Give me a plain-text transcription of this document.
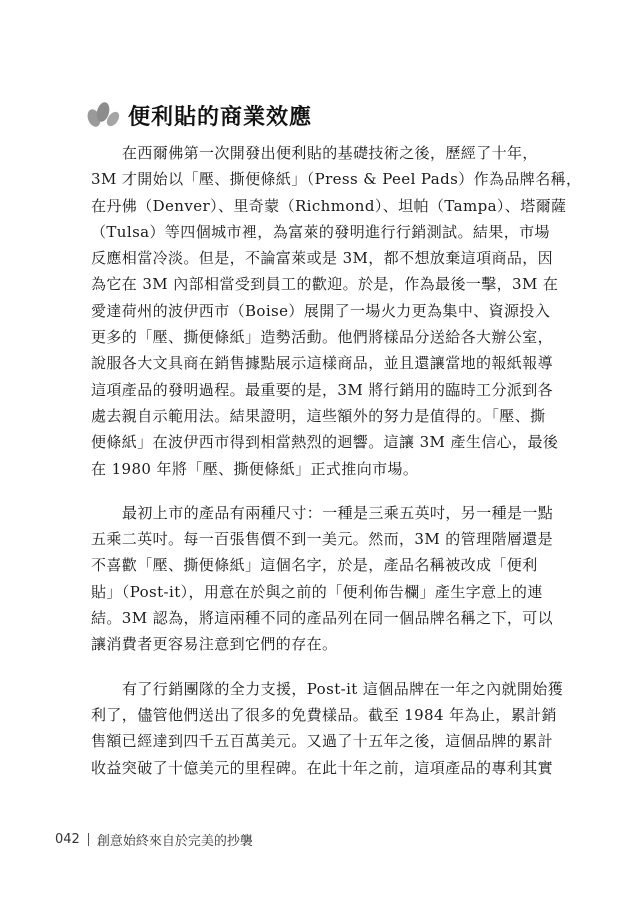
便利貼的商業效應

在西爾佛第一次開發出便利貼的基礎技術之後，歷經了十年，
3M 才開始以「壓、撕便條紙」（Press & Peel Pads）作為品牌名稱，
在丹佛（Denver）、里奇蒙（Richmond）、坦帕（Tampa）、塔爾薩
（Tulsa）等四個城市裡，為富萊的發明進行行銷測試。結果，市場
反應相當冷淡。但是，不論富萊或是 3M，都不想放棄這項商品，因
為它在 3M 內部相當受到員工的歡迎。於是，作為最後一擊，3M 在
愛達荷州的波伊西市（Boise）展開了一場火力更為集中、資源投入
更多的「壓、撕便條紙」造勢活動。他們將樣品分送給各大辦公室，
說服各大文具商在銷售據點展示這樣商品，並且還讓當地的報紙報導
這項產品的發明過程。最重要的是，3M 將行銷用的臨時工分派到各
處去親自示範用法。結果證明，這些額外的努力是值得的。「壓、撕
便條紙」在波伊西市得到相當熱烈的迴響。這讓 3M 產生信心，最後
在 1980 年將「壓、撕便條紙」正式推向市場。

最初上市的產品有兩種尺寸：一種是三乘五英吋，另一種是一點
五乘二英吋。每一百張售價不到一美元。然而，3M 的管理階層還是
不喜歡「壓、撕便條紙」這個名字，於是，產品名稱被改成「便利
貼」（Post-it），用意在於與之前的「便利佈告欄」產生字意上的連
結。3M 認為，將這兩種不同的產品列在同一個品牌名稱之下，可以
讓消費者更容易注意到它們的存在。

有了行銷團隊的全力支援，Post-it 這個品牌在一年之內就開始獲
利了，儘管他們送出了很多的免費樣品。截至 1984 年為止，累計銷
售額已經達到四千五百萬美元。又過了十五年之後，這個品牌的累計
收益突破了十億美元的里程碑。在此十年之前，這項產品的專利其實

042 創意始終來自於完美的抄襲
